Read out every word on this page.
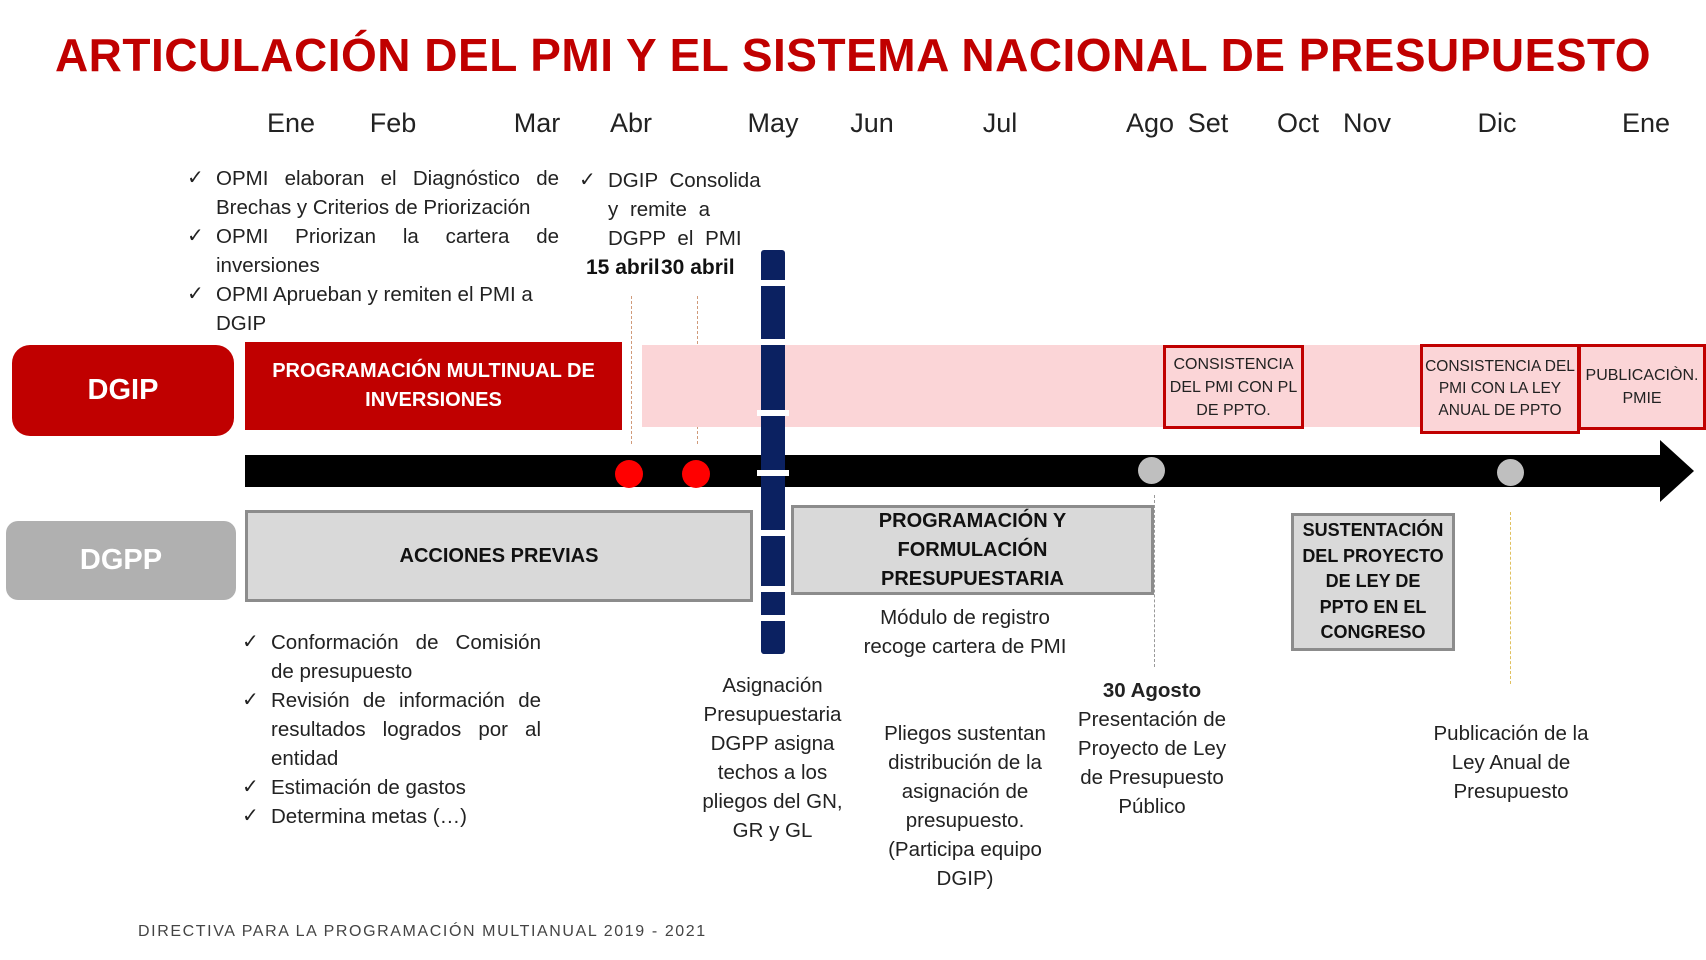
ARTICULACIÓN DEL PMI Y EL SISTEMA NACIONAL DE PRESUPUESTO
Ene Feb	Mar Abr	May Jun	Jul	Ago Set Oct Nov	Dic	Ene
✓ OPMI elaboran el Diagnóstico de Brechas y Criterios de Priorización
✓ OPMI Priorizan la cartera de inversiones
✓ OPMI Aprueban y remiten el PMI a DGIP
✓ DGIP Consolida y remite a DGPP el PMI
15 abril 30 abril
DGIP
PROGRAMACIÓN MULTINUAL DE INVERSIONES
CONSISTENCIA DEL PMI CON PL DE PPTO.
CONSISTENCIA DEL PMI CON LA LEY ANUAL DE PPTO
PUBLICACIÒN. PMIE
DGPP	ACCIONES PREVIAS
PROGRAMACIÓN Y FORMULACIÓN PRESUPUESTARIA
SUSTENTACIÓN DEL PROYECTO DE LEY DE PPTO EN EL CONGRESO
✓ Conformación de Comisión de presupuesto
✓ Revisión de información de resultados logrados por al entidad
✓ Estimación de gastos
✓ Determina metas (…)
Asignación Presupuestaria DGPP asigna techos a los pliegos del GN, GR y GL
Módulo de registro recoge cartera de PMI
Pliegos sustentan distribución de la asignación de presupuesto. (Participa equipo DGIP)
30 Agosto
Presentación de Proyecto de Ley de Presupuesto Público
Publicación de la Ley Anual de Presupuesto
DIRECTIVA PARA LA PROGRAMACIÓN MULTIANUAL 2019 - 2021
